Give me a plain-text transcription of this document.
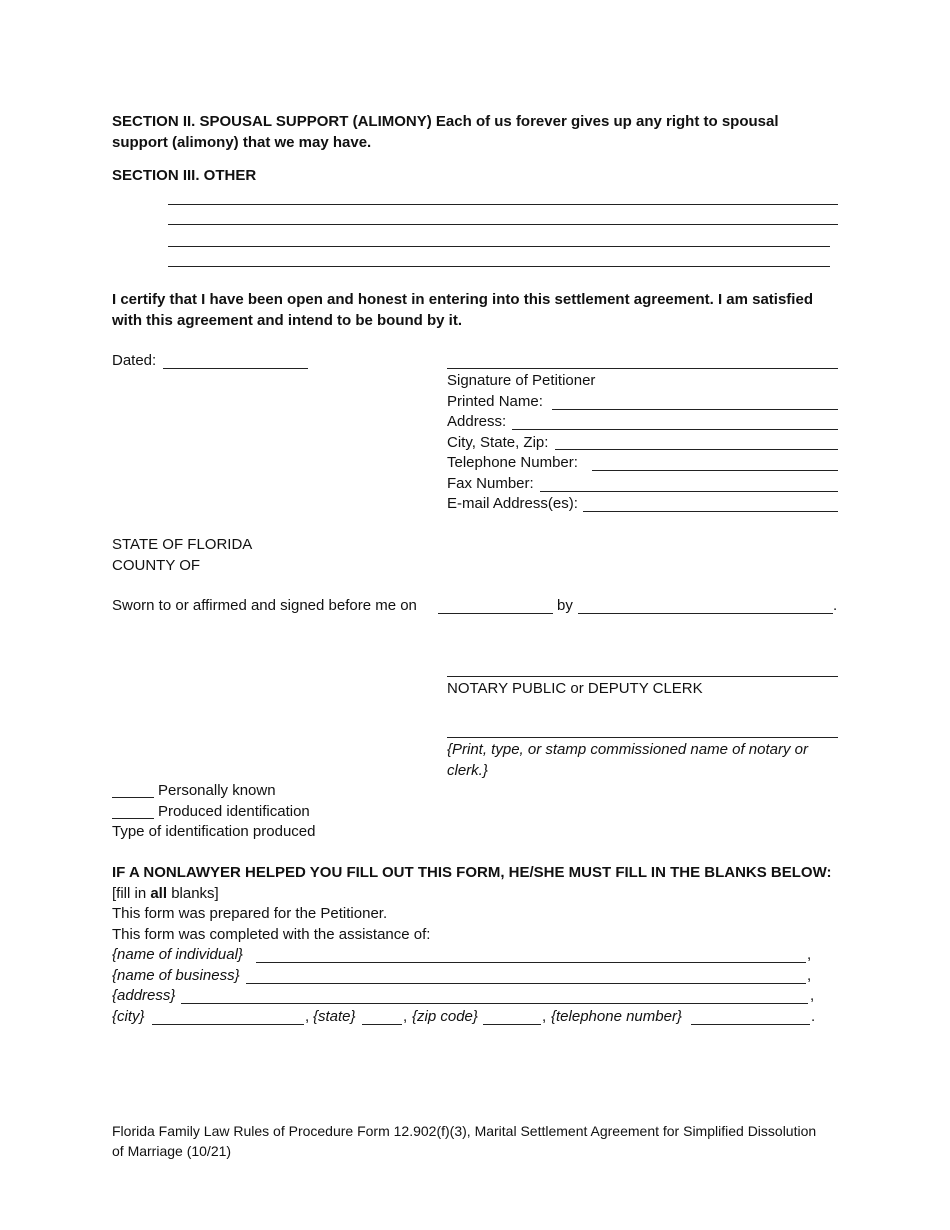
SECTION II. SPOUSAL SUPPORT (ALIMONY) Each of us forever gives up any right to spousal support (alimony) that we may have.
SECTION III. OTHER
I certify that I have been open and honest in entering into this settlement agreement. I am satisfied with this agreement and intend to be bound by it.
Dated:
Signature of Petitioner
Printed Name:
Address:
City, State, Zip:
Telephone Number:
Fax Number:
E-mail Address(es):
STATE OF FLORIDA
COUNTY OF
Sworn to or affirmed and signed before me on	by	.
NOTARY PUBLIC or DEPUTY CLERK
{Print, type, or stamp commissioned name of notary or clerk.}
Personally known
Produced identification
Type of identification produced
IF A NONLAWYER HELPED YOU FILL OUT THIS FORM, HE/SHE MUST FILL IN THE BLANKS BELOW:
[fill in all blanks]
This form was prepared for the Petitioner.
This form was completed with the assistance of:
{name of individual}	,
{name of business}	,
{address}	,
{city}	, {state}	, {zip code}	, {telephone number}	.
Florida Family Law Rules of Procedure Form 12.902(f)(3), Marital Settlement Agreement for Simplified Dissolution
of Marriage (10/21)
